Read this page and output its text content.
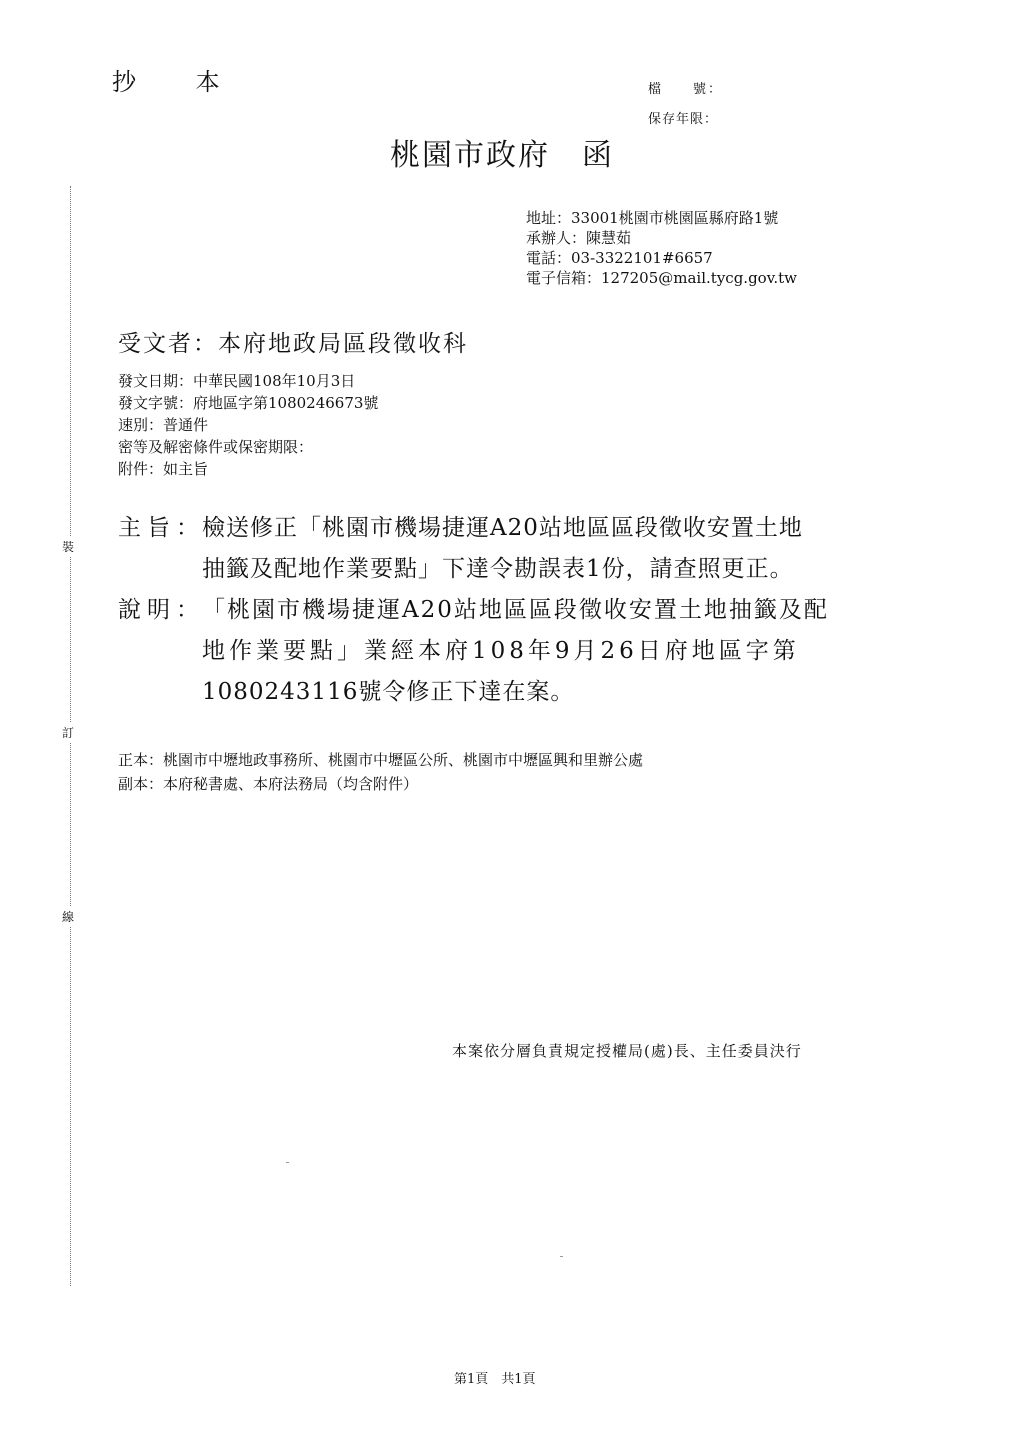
裝
訂
線
抄 本	檔　　號：
保存年限：
桃園市政府　函
地址：33001桃園市桃園區縣府路1號
承辦人：陳慧茹
電話：03-3322101#6657
電子信箱：127205@mail.tycg.gov.tw
受文者：本府地政局區段徵收科
發文日期：中華民國108年10月3日
發文字號：府地區字第1080246673號
速別：普通件
密等及解密條件或保密期限：
附件：如主旨
主旨：
檢送修正「桃園市機場捷運A20站地區區段徵收安置土地
抽籤及配地作業要點」下達令勘誤表1份，請查照更正。
說明：
「桃園市機場捷運A20站地區區段徵收安置土地抽籤及配
地作業要點」業經本府108年9月26日府地區字第
1080243116號令修正下達在案。
正本：桃園市中壢地政事務所、桃園市中壢區公所、桃園市中壢區興和里辦公處
副本：本府秘書處、本府法務局（均含附件）
本案依分層負責規定授權局(處)長、主任委員決行
第1頁　共1頁
